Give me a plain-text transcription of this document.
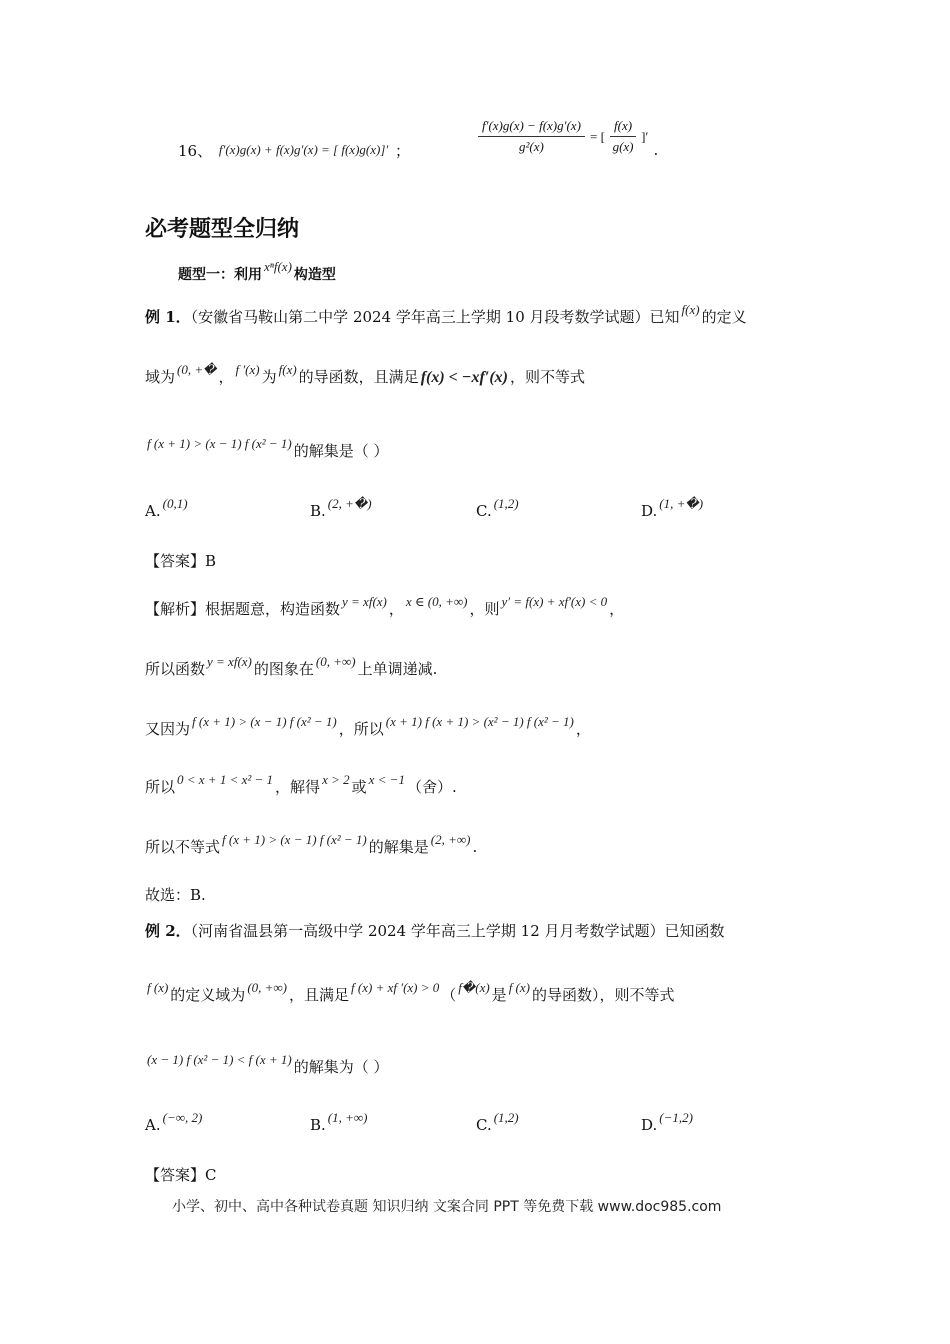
16、 f′(x)g(x) + f(x)g′(x) = [ f(x)g(x)]′ ；	$\frac{f'(x)g(x) - f(x)g'(x)}{\text{g²(x)}}$ = [ $\frac{f(x)}{g(x)}$ ]′ .
必考题型全归纳
题型一：利用xⁿf(x)构造型
例 1．（安徽省马鞍山第二中学 2024 学年高三上学期 10 月段考数学试题）已知 f(x) 的定义
域为 (0, +� ， f ′(x) 为 f(x) 的导函数，且满足 f(x) < −xf′(x) ，则不等式
f (x + 1) > (x − 1) f (x² − 1) 的解集是（ ）
A. (0,1)	B. (2, +�)	C. (1,2)	D. (1, +�)
【答案】B
【解析】根据题意，构造函数 y = xf(x) ， x ∈ (0, +∞) ，则 y′ = f(x) + xf′(x) < 0 ，
所以函数 y = xf(x) 的图象在 (0, +∞) 上单调递减.
又因为 f (x + 1) > (x − 1) f (x² − 1) ，所以 (x + 1) f (x + 1) > (x² − 1) f (x² − 1) ，
所以 0 < x + 1 < x² − 1 ，解得 x > 2 或 x < −1 （舍）.
所以不等式 f (x + 1) > (x − 1) f (x² − 1) 的解集是 (2, +∞) .
故选：B.
例 2．（河南省温县第一高级中学 2024 学年高三上学期 12 月月考数学试题）已知函数
f (x) 的定义域为 (0, +∞) ，且满足 f (x) + xf ′(x) > 0 （ f�(x) 是 f (x) 的导函数），则不等式
(x − 1) f (x² − 1) < f (x + 1) 的解集为（ ）
A. (−∞, 2)	B. (1, +∞)	C. (1,2)	D. (−1,2)
【答案】C
小学、初中、高中各种试卷真题 知识归纳 文案合同 PPT 等免费下载 www.doc985.com
